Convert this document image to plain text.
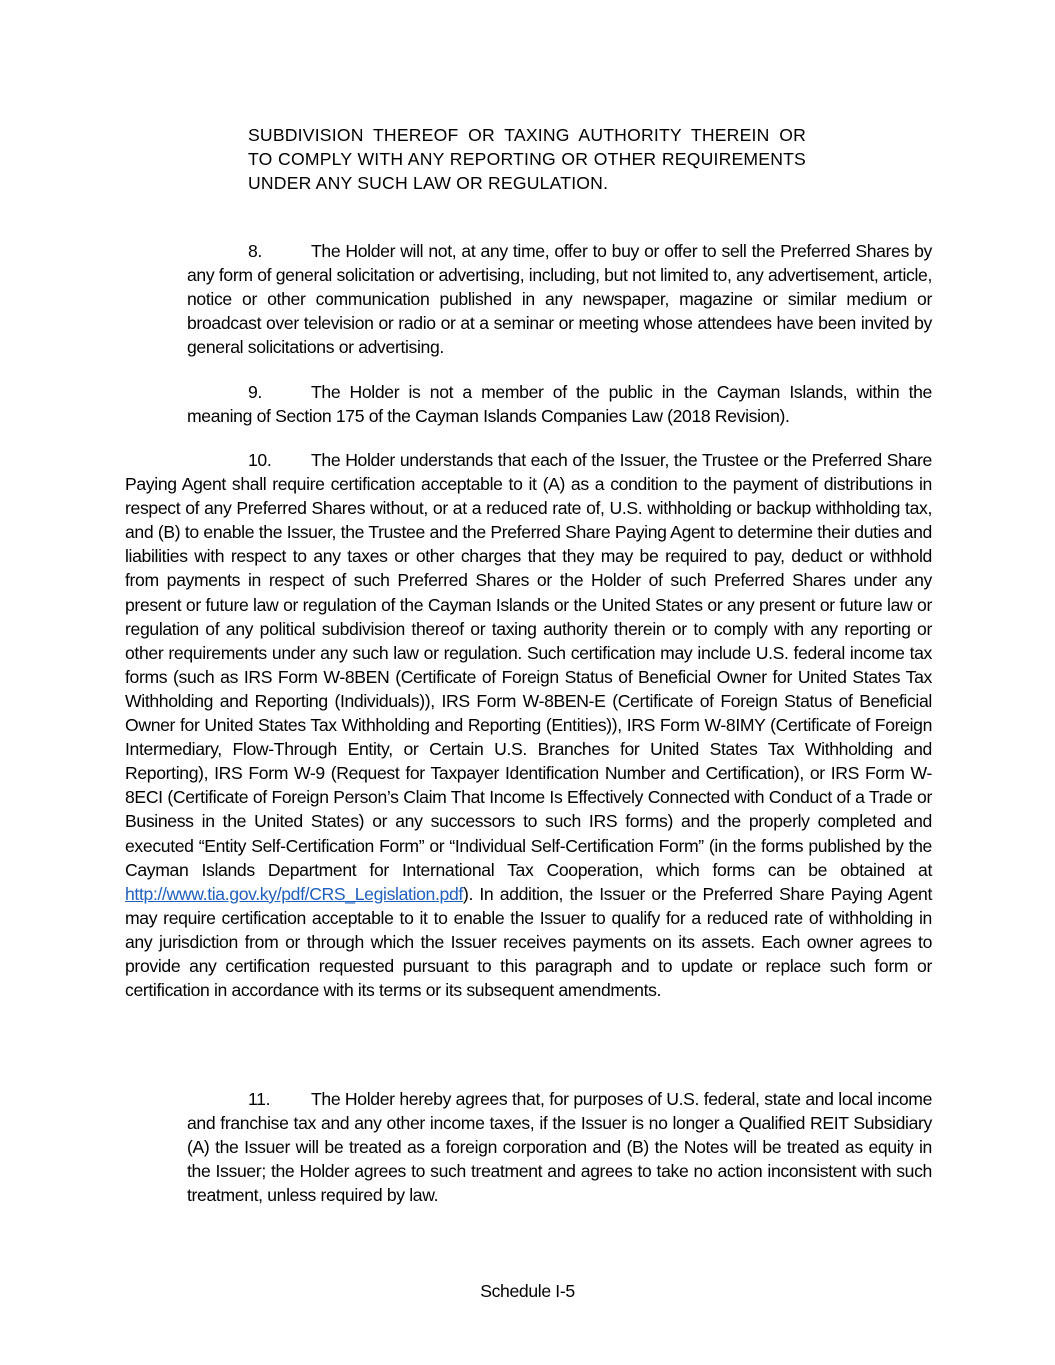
SUBDIVISION THEREOF OR TAXING AUTHORITY THEREIN OR TO COMPLY WITH ANY REPORTING OR OTHER REQUIREMENTS UNDER ANY SUCH LAW OR REGULATION.

8.	The Holder will not, at any time, offer to buy or offer to sell the Preferred Shares by any form of general solicitation or advertising, including, but not limited to, any advertisement, article, notice or other communication published in any newspaper, magazine or similar medium or broadcast over television or radio or at a seminar or meeting whose attendees have been invited by general solicitations or advertising.

9.	The Holder is not a member of the public in the Cayman Islands, within the meaning of Section 175 of the Cayman Islands Companies Law (2018 Revision).

10. The Holder understands that each of the Issuer, the Trustee or the Preferred Share Paying Agent shall require certification acceptable to it (A) as a condition to the payment of distributions in respect of any Preferred Shares without, or at a reduced rate of, U.S. withholding or backup withholding tax, and (B) to enable the Issuer, the Trustee and the Preferred Share Paying Agent to determine their duties and liabilities with respect to any taxes or other charges that they may be required to pay, deduct or withhold from payments in respect of such Preferred Shares or the Holder of such Preferred Shares under any present or future law or regulation of the Cayman Islands or the United States or any present or future law or regulation of any political subdivision thereof or taxing authority therein or to comply with any reporting or other requirements under any such law or regulation. Such certification may include U.S. federal income tax forms (such as IRS Form W-8BEN (Certificate of Foreign Status of Beneficial Owner for United States Tax Withholding and Reporting (Individuals)), IRS Form W-8BEN-E (Certificate of Foreign Status of Beneficial Owner for United States Tax Withholding and Reporting (Entities)), IRS Form W-8IMY (Certificate of Foreign Intermediary, Flow-Through Entity, or Certain U.S. Branches for United States Tax Withholding and Reporting), IRS Form W-9 (Request for Taxpayer Identification Number and Certification), or IRS Form W-8ECI (Certificate of Foreign Person’s Claim That Income Is Effectively Connected with Conduct of a Trade or Business in the United States) or any successors to such IRS forms) and the properly completed and executed “Entity Self-Certification Form” or “Individual Self-Certification Form” (in the forms published by the Cayman Islands Department for International Tax Cooperation, which forms can be obtained at http://www.tia.gov.ky/pdf/CRS_Legislation.pdf). In addition, the Issuer or the Preferred Share Paying Agent may require certification acceptable to it to enable the Issuer to qualify for a reduced rate of withholding in any jurisdiction from or through which the Issuer receives payments on its assets. Each owner agrees to provide any certification requested pursuant to this paragraph and to update or replace such form or certification in accordance with its terms or its subsequent amendments.

11. The Holder hereby agrees that, for purposes of U.S. federal, state and local income and franchise tax and any other income taxes, if the Issuer is no longer a Qualified REIT Subsidiary (A) the Issuer will be treated as a foreign corporation and (B) the Notes will be treated as equity in the Issuer; the Holder agrees to such treatment and agrees to take no action inconsistent with such treatment, unless required by law.

Schedule I-5
